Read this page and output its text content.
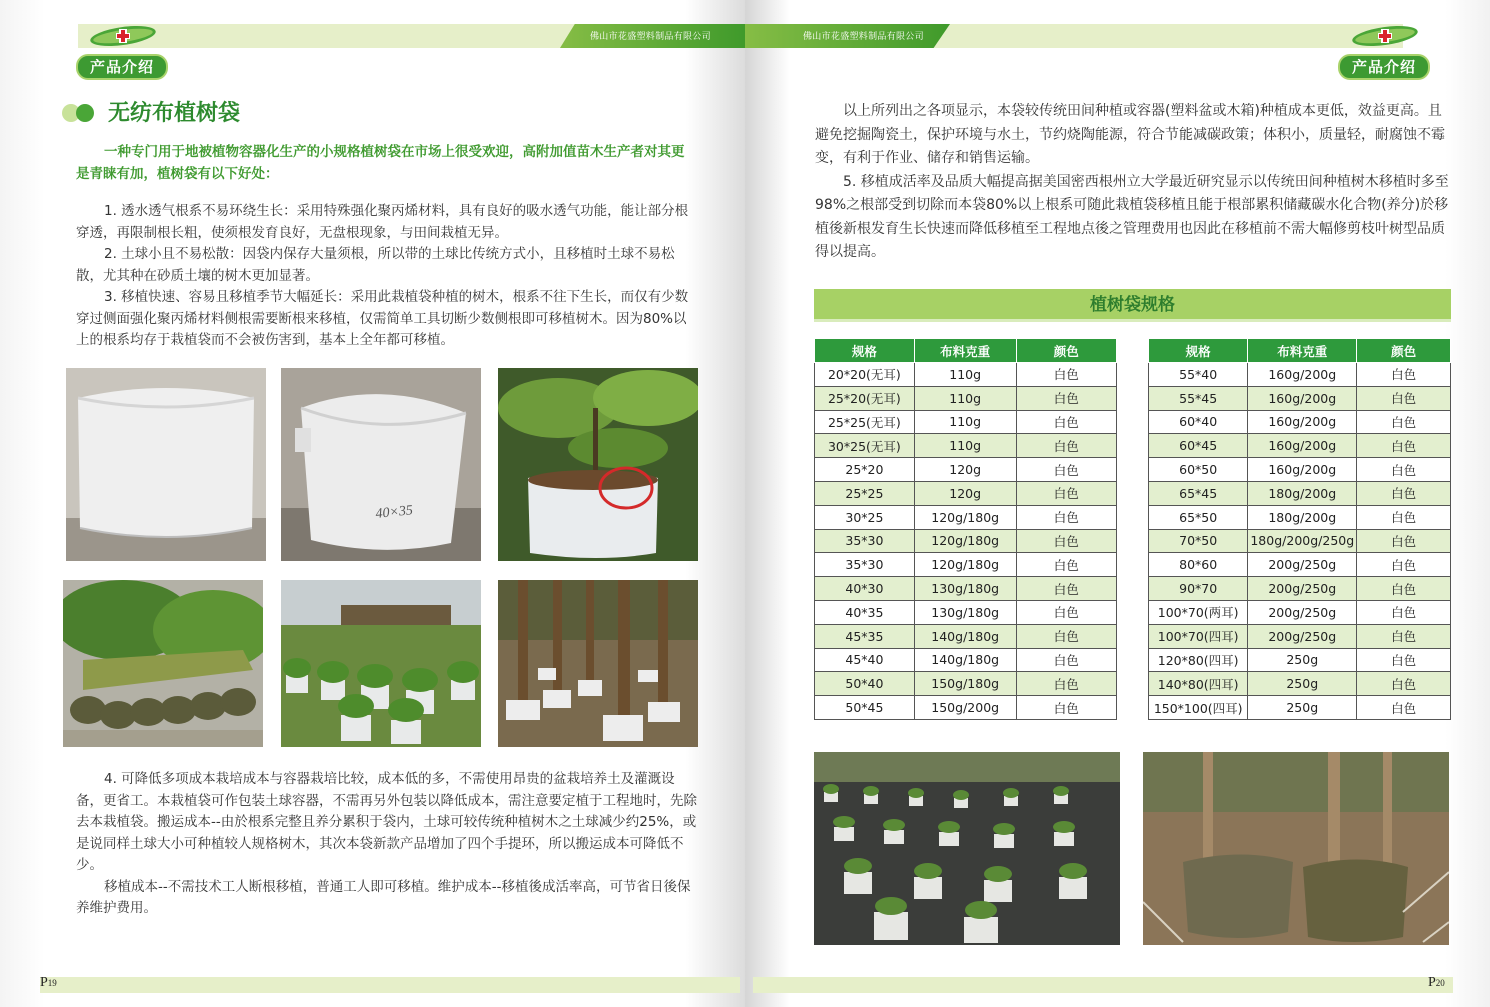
佛山市花盛塑料制品有限公司
产品介绍
无纺布植树袋
一种专门用于地被植物容器化生产的小规格植树袋在市场上很受欢迎，高附加值苗木生产者对其更是青睐有加，植树袋有以下好处：

1. 透水透气根系不易环绕生长：采用特殊强化聚丙烯材料，具有良好的吸水透气功能，能让部分根穿透，再限制根长粗，使须根发育良好，无盘根现象，与田间栽植无异。

2. 土球小且不易松散：因袋内保存大量须根，所以带的土球比传统方式小，且移植时土球不易松散，尤其种在砂质土壤的树木更加显著。

3. 移植快速、容易且移植季节大幅延长：采用此栽植袋种植的树木，根系不往下生长，而仅有少数穿过侧面强化聚丙烯材料侧根需要断根来移植，仅需简单工具切断少数侧根即可移植树木。因为80%以上的根系均存于栽植袋而不会被伤害到，基本上全年都可移植。

40×35

4. 可降低多项成本栽培成本与容器栽培比较，成本低的多，不需使用昂贵的盆栽培养土及灌溉设备，更省工。本栽植袋可作包装土球容器，不需再另外包装以降低成本，需注意要定植于工程地时，先除去本栽植袋。搬运成本--由於根系完整且养分累积于袋内，土球可较传统种植树木之土球减少约25%，或是说同样土球大小可种植较人规格树木，其次本袋新款产品增加了四个手提环，所以搬运成本可降低不少。

移植成本--不需技术工人断根移植，普通工人即可移植。维护成本--移植後成活率高，可节省日後保养维护费用。

P19
佛山市花盛塑料制品有限公司
产品介绍

以上所列出之各项显示，本袋较传统田间种植或容器(塑料盆或木箱)种植成本更低，效益更高。且避免挖掘陶瓷土，保护环境与水土，节约烧陶能源，符合节能减碳政策；体积小，质量轻，耐腐蚀不霉变，有利于作业、储存和销售运输。

5. 移植成活率及品质大幅提高据美国密西根州立大学最近研究显示以传统田间种植树木移植时多至98%之根部受到切除而本袋80%以上根系可随此栽植袋移植且能于根部累积储藏碳水化合物(养分)於移植後新根发育生长快速而降低移植至工程地点後之管理费用也因此在移植前不需大幅修剪枝叶树型品质得以提高。

植树袋规格
规格	布料克重	颜色
20*20(无耳)	110g	白色
25*20(无耳)	110g	白色
25*25(无耳)	110g	白色
30*25(无耳)	110g	白色
25*20	120g	白色
25*25	120g	白色
30*25	120g/180g	白色
35*30	120g/180g	白色
35*30	120g/180g	白色
40*30	130g/180g	白色
40*35	130g/180g	白色
45*35	140g/180g	白色
45*40	140g/180g	白色
50*40	150g/180g	白色
50*45	150g/200g	白色
规格	布料克重	颜色
55*40	160g/200g	白色
55*45	160g/200g	白色
60*40	160g/200g	白色
60*45	160g/200g	白色
60*50	160g/200g	白色
65*45	180g/200g	白色
65*50	180g/200g	白色
70*50	180g/200g/250g	白色
80*60	200g/250g	白色
90*70	200g/250g	白色
100*70(两耳)	200g/250g	白色
100*70(四耳)	200g/250g	白色
120*80(四耳)	250g	白色
140*80(四耳)	250g	白色
150*100(四耳)	250g	白色
P20
